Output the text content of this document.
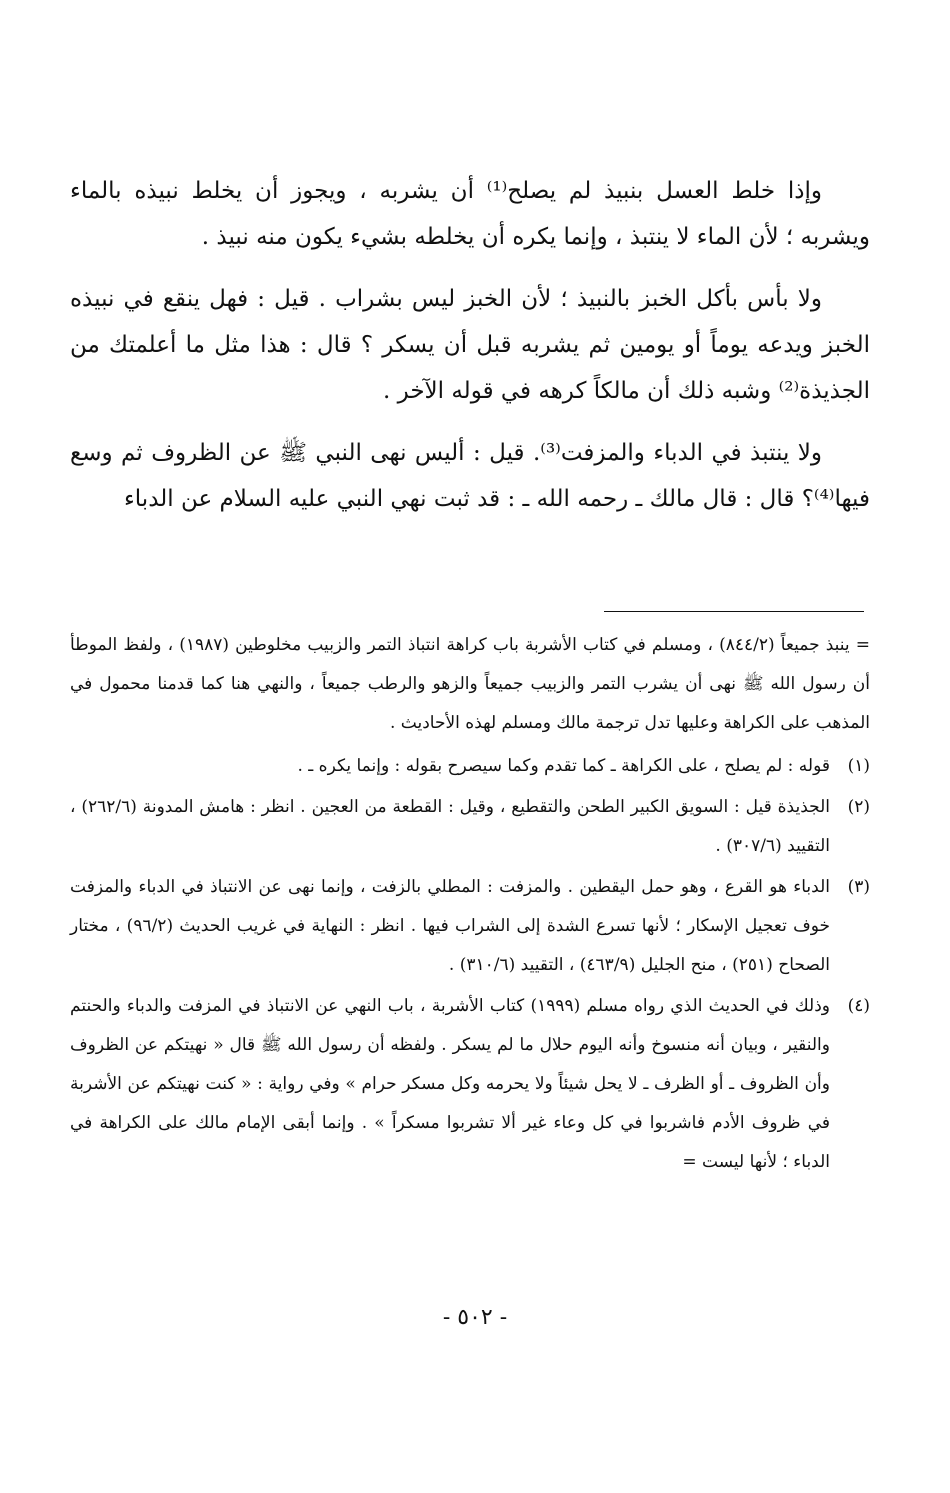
وإذا خلط العسل بنبيذ لم يصلح⁽¹⁾ أن يشربه ، ويجوز أن يخلط نبيذه بالماء ويشربه ؛ لأن الماء لا ينتبذ ، وإنما يكره أن يخلطه بشيء يكون منه نبيذ .

ولا بأس بأكل الخبز بالنبيذ ؛ لأن الخبز ليس بشراب . قيل : فهل ينقع في نبيذه الخبز ويدعه يوماً أو يومين ثم يشربه قبل أن يسكر ؟ قال : هذا مثل ما أعلمتك من الجذيذة⁽²⁾ وشبه ذلك أن مالكاً كرهه في قوله الآخر .

ولا ينتبذ في الدباء والمزفت⁽³⁾. قيل : أليس نهى النبي ﷺ عن الظروف ثم وسع فيها⁽⁴⁾؟ قال : قال مالك ـ رحمه الله ـ : قد ثبت نهي النبي عليه السلام عن الدباء

= ينبذ جميعاً (٨٤٤/٢) ، ومسلم في كتاب الأشربة باب كراهة انتباذ التمر والزبيب مخلوطين (١٩٨٧) ، ولفظ الموطأ أن رسول الله ﷺ نهى أن يشرب التمر والزبيب جميعاً والزهو والرطب جميعاً ، والنهي هنا كما قدمنا محمول في المذهب على الكراهة وعليها تدل ترجمة مالك ومسلم لهذه الأحاديث .
(١)
قوله : لم يصلح ، على الكراهة ـ كما تقدم وكما سيصرح بقوله : وإنما يكره ـ .
(٢)
الجذيذة قيل : السويق الكبير الطحن والتقطيع ، وقيل : القطعة من العجين . انظر : هامش المدونة (٢٦٢/٦) ، التقييد (٣٠٧/٦) .
(٣)
الدباء هو القرع ، وهو حمل اليقطين . والمزفت : المطلي بالزفت ، وإنما نهى عن الانتباذ في الدباء والمزفت خوف تعجيل الإسكار ؛ لأنها تسرع الشدة إلى الشراب فيها . انظر : النهاية في غريب الحديث (٩٦/٢) ، مختار الصحاح (٢٥١) ، منح الجليل (٤٦٣/٩) ، التقييد (٣١٠/٦) .
(٤)
وذلك في الحديث الذي رواه مسلم (١٩٩٩) كتاب الأشربة ، باب النهي عن الانتباذ في المزفت والدباء والحنتم والنقير ، وبيان أنه منسوخ وأنه اليوم حلال ما لم يسكر . ولفظه أن رسول الله ﷺ قال « نهيتكم عن الظروف وأن الظروف ـ أو الظرف ـ لا يحل شيئاً ولا يحرمه وكل مسكر حرام » وفي رواية : « كنت نهيتكم عن الأشربة في ظروف الأدم فاشربوا في كل وعاء غير ألا تشربوا مسكراً » . وإنما أبقى الإمام مالك على الكراهة في الدباء ؛ لأنها ليست =
- ٥٠٢ -
